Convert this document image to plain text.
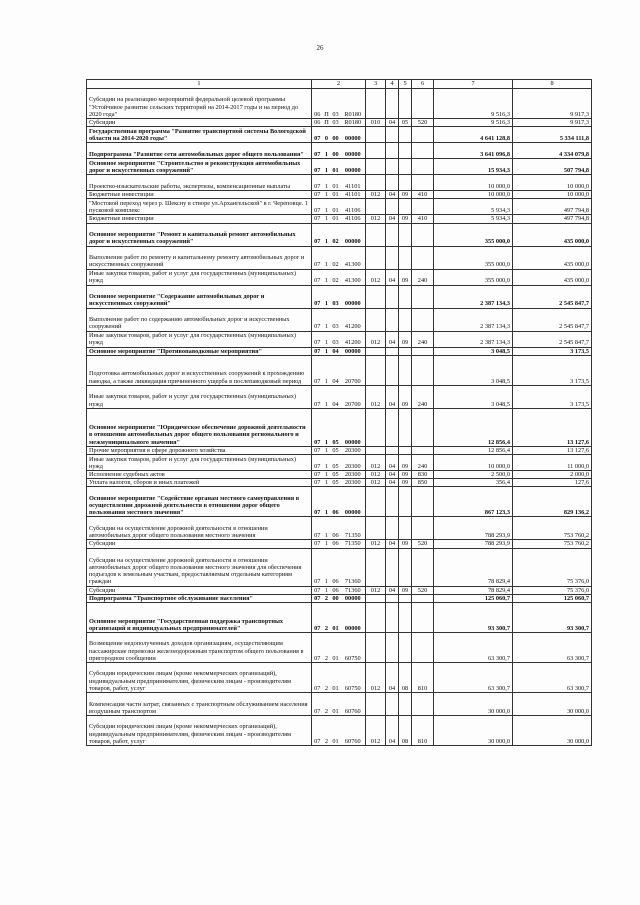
26
1	2				3	4	5	6	7	8
Субсидии на реализацию мероприятий федеральной целевой программы "Устойчивое развитие сельских территорий на 2014-2017 годы и на период до 2020 года"	06	П	03	R0180					9 516,3	9 917,3
Субсидии	06	П	03	R0180	010	04	05	520	9 516,3	9 917,3
Государственная программа "Развитие транспортной системы Вологодской области на 2014-2020 годы"	07	0	00	00000					4 641 128,8	5 334 111,8
Подпрограмма "Развитие сети автомобильных дорог общего пользования"	07	1	00	00000					3 641 096,8	4 334 079,8
Основное мероприятие "Строительство и реконструкция автомобильных дорог и искусственных сооружений"	07	1	01	00000					15 934,3	507 794,8
Проектно-изыскательские работы, экспертизы, компенсационные выплаты	07	1	01	41101					10 000,0	10 000,0
Бюджетные инвестиции	07	1	01	41101	012	04	09	410	10 000,0	10 000,0
"Мостовой переход через р. Шексну в створе ул.Архангельской" в г. Череповце. 1 пусковой комплекс	07	1	01	41106					5 934,3	497 794,8
Бюджетные инвестиции	07	1	01	41106	012	04	09	410	5 934,3	497 794,8
Основное мероприятие "Ремонт и капитальный ремонт автомобильных дорог и искусственных сооружений"	07	1	02	00000					355 000,0	435 000,0
Выполнение работ по ремонту и капитальному ремонту автомобильных дорог и искусственных сооружений	07	1	02	41300					355 000,0	435 000,0
Иные закупки товаров, работ и услуг для государственных (муниципальных) нужд	07	1	02	41300	012	04	09	240	355 000,0	435 000,0
Основное мероприятие "Содержание автомобильных дорог и искусственных сооружений"	07	1	03	00000					2 387 134,3	2 545 847,7
Выполнение работ по содержанию автомобильных дорог и искусственных сооружений	07	1	03	41200					2 387 134,3	2 545 847,7
Иные закупки товаров, работ и услуг для государственных (муниципальных) нужд	07	1	03	41200	012	04	09	240	2 387 134,3	2 545 847,7
Основное мероприятие "Противопаводковые мероприятия"	07	1	04	00000					3 048,5	3 173,5
Подготовка автомобильных дорог и искусственных сооружений к прохождению паводка, а также ликвидация причиненного ущерба в послепаводковый период	07	1	04	20700					3 048,5	3 173,5
Иные закупки товаров, работ и услуг для государственных (муниципальных) нужд	07	1	04	20700	012	04	09	240	3 048,5	3 173,5
Основное мероприятие "Юридическое обеспечение дорожной деятельности в отношении автомобильных дорог общего пользования регионального и межмуниципального значения"	07	1	05	00000					12 856,4	13 127,6
Прочие мероприятия в сфере дорожного хозяйства	07	1	05	20300					12 856,4	13 127,6
Иные закупки товаров, работ и услуг для государственных (муниципальных) нужд	07	1	05	20300	012	04	09	240	10 000,0	11 000,0
Исполнение судебных актов	07	1	05	20300	012	04	09	830	2 500,0	2 000,0
Уплата налогов, сборов и иных платежей	07	1	05	20300	012	04	09	850	356,4	127,6
Основное мероприятие "Содействие органам местного самоуправления в осуществлении дорожной деятельности в отношении дорог общего пользования местного значения"	07	1	06	00000					867 123,3	829 136,2
Субсидии на осуществление дорожной деятельности в отношении автомобильных дорог общего пользования местного значения	07	1	06	71350					788 293,9	753 760,2
Субсидии	07	1	06	71350	012	04	09	520	788 293,9	753 760,2
Субсидии на осуществление дорожной деятельности в отношении автомобильных дорог общего пользования местного значения для обеспечения подъездов к земельным участкам, предоставляемым отдельным категориям граждан	07	1	06	71360					78 829,4	75 376,0
Субсидии	07	1	06	71360	012	04	09	520	78 829,4	75 376,0
Подпрограмма "Транспортное обслуживание населения"	07	2	00	00000					125 060,7	125 060,7
Основное мероприятие "Государственная поддержка транспортных организаций и индивидуальных предпринимателей"	07	2	01	00000					93 300,7	93 300,7
Возмещение недополученных доходов организациям, осуществляющим пассажирские перевозки железнодорожным транспортом общего пользования в пригородном сообщении	07	2	01	60750					63 300,7	63 300,7
Субсидии юридическим лицам (кроме некоммерческих организаций), индивидуальным предпринимателям, физическим лицам - производителям товаров, работ, услуг	07	2	01	60750	012	04	08	810	63 300,7	63 300,7
Компенсация части затрат, связанных с транспортным обслуживанием населения воздушным транспортом	07	2	01	60760					30 000,0	30 000,0
Субсидии юридическим лицам (кроме некоммерческих организаций), индивидуальным предпринимателям, физическим лицам - производителям товаров, работ, услуг	07	2	01	60760	012	04	08	810	30 000,0	30 000,0
